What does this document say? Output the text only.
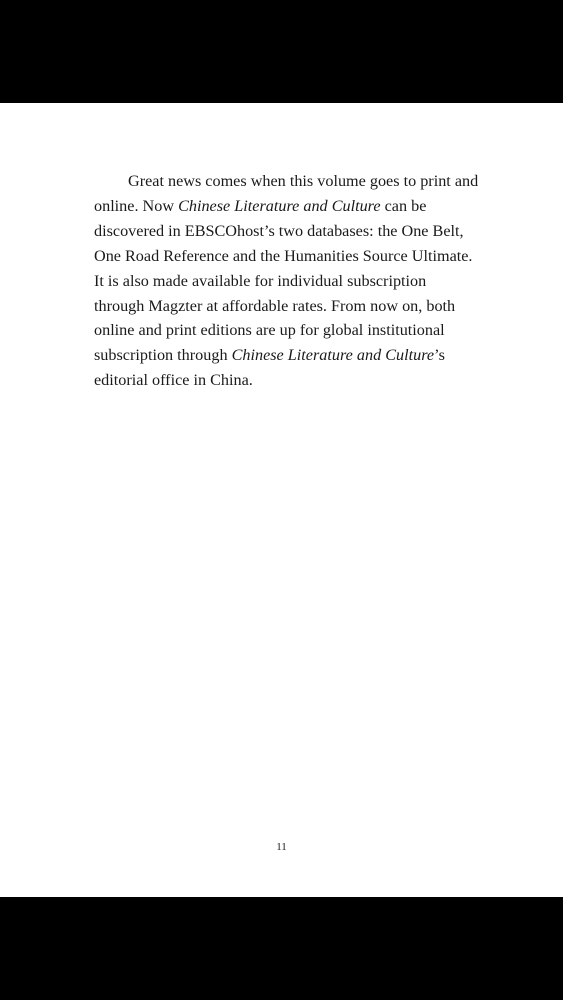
Great news comes when this volume goes to print and
online. Now Chinese Literature and Culture can be
discovered in EBSCOhost’s two databases: the One Belt,
One Road Reference and the Humanities Source Ultimate.
It is also made available for individual subscription
through Magzter at affordable rates. From now on, both
online and print editions are up for global institutional
subscription through Chinese Literature and Culture’s
editorial office in China.

11
